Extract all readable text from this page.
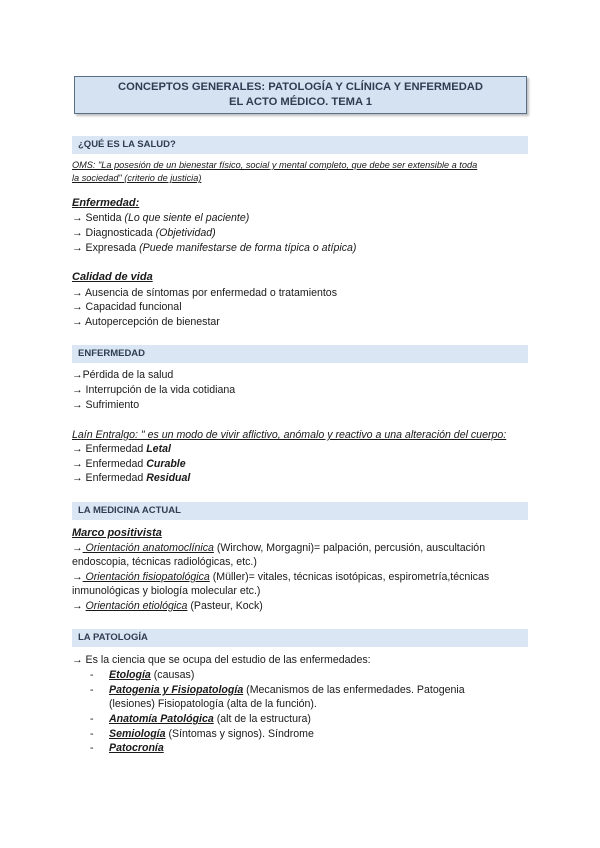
CONCEPTOS GENERALES: PATOLOGÍA Y CLÍNICA Y ENFERMEDAD
EL ACTO MÉDICO. TEMA 1
¿QUÉ ES LA SALUD?
OMS: "La posesión de un bienestar físico, social y mental completo, que debe ser extensible a toda
la sociedad" (criterio de justicia)
Enfermedad:
→ Sentida (Lo que siente el paciente)
→ Diagnosticada (Objetividad)
→ Expresada (Puede manifestarse de forma típica o atípica)
Calidad de vida
→ Ausencia de síntomas por enfermedad o tratamientos
→ Capacidad funcional
→ Autopercepción de bienestar
ENFERMEDAD
→Pérdida de la salud
→ Interrupción de la vida cotidiana
→ Sufrimiento
Laín Entralgo: " es un modo de vivir aflictivo, anómalo y reactivo a una alteración del cuerpo:
→ Enfermedad Letal
→ Enfermedad Curable
→ Enfermedad Residual
LA MEDICINA ACTUAL
Marco positivista
→ Orientación anatomoclínica (Wirchow, Morgagni)= palpación, percusión, auscultación
endoscopia, técnicas radiológicas, etc.)
→ Orientación fisiopatológica (Müller)= vitales, técnicas isotópicas, espirometría,técnicas
inmunológicas y biología molecular etc.)
→ Orientación etiológica (Pasteur, Kock)
LA PATOLOGÍA
→ Es la ciencia que se ocupa del estudio de las enfermedades:
- Etología (causas)
- Patogenia y Fisiopatología (Mecanismos de las enfermedades. Patogenia
(lesiones) Fisiopatología (alta de la función).
- Anatomía Patológica (alt de la estructura)
- Semiología (Síntomas y signos). Síndrome
- Patocronía
